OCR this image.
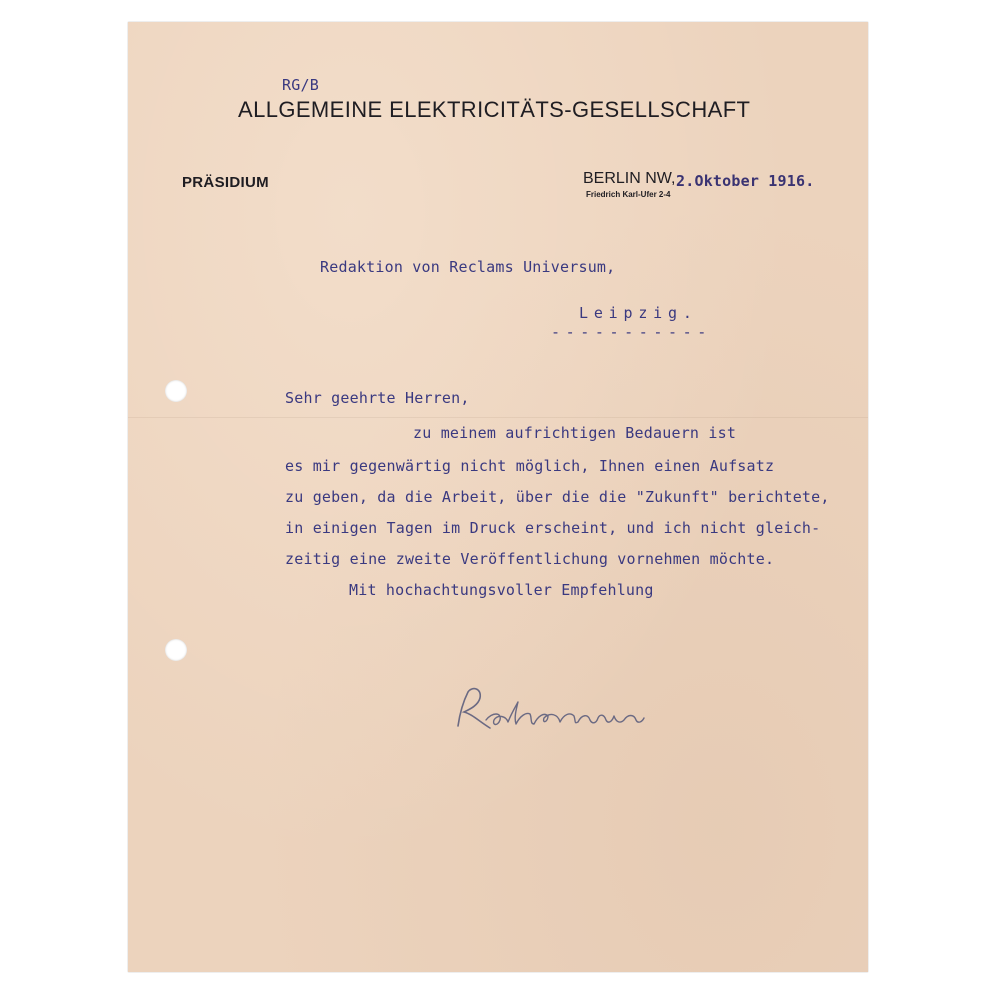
RG/B
ALLGEMEINE ELEKTRICITÄTS-GESELLSCHAFT
PRÄSIDIUM	BERLIN NW, 2.Oktober 1916.
Friedrich Karl-Ufer 2-4
Redaktion von Reclams Universum,
Leipzig.
-----------
Sehr geehrte Herren,
zu meinem aufrichtigen Bedauern ist
es mir gegenwärtig nicht möglich, Ihnen einen Aufsatz
zu geben, da die Arbeit, über die die "Zukunft" berichtete,
in einigen Tagen im Druck erscheint, und ich nicht gleich-
zeitig eine zweite Veröffentlichung vornehmen möchte.
Mit hochachtungsvoller Empfehlung
